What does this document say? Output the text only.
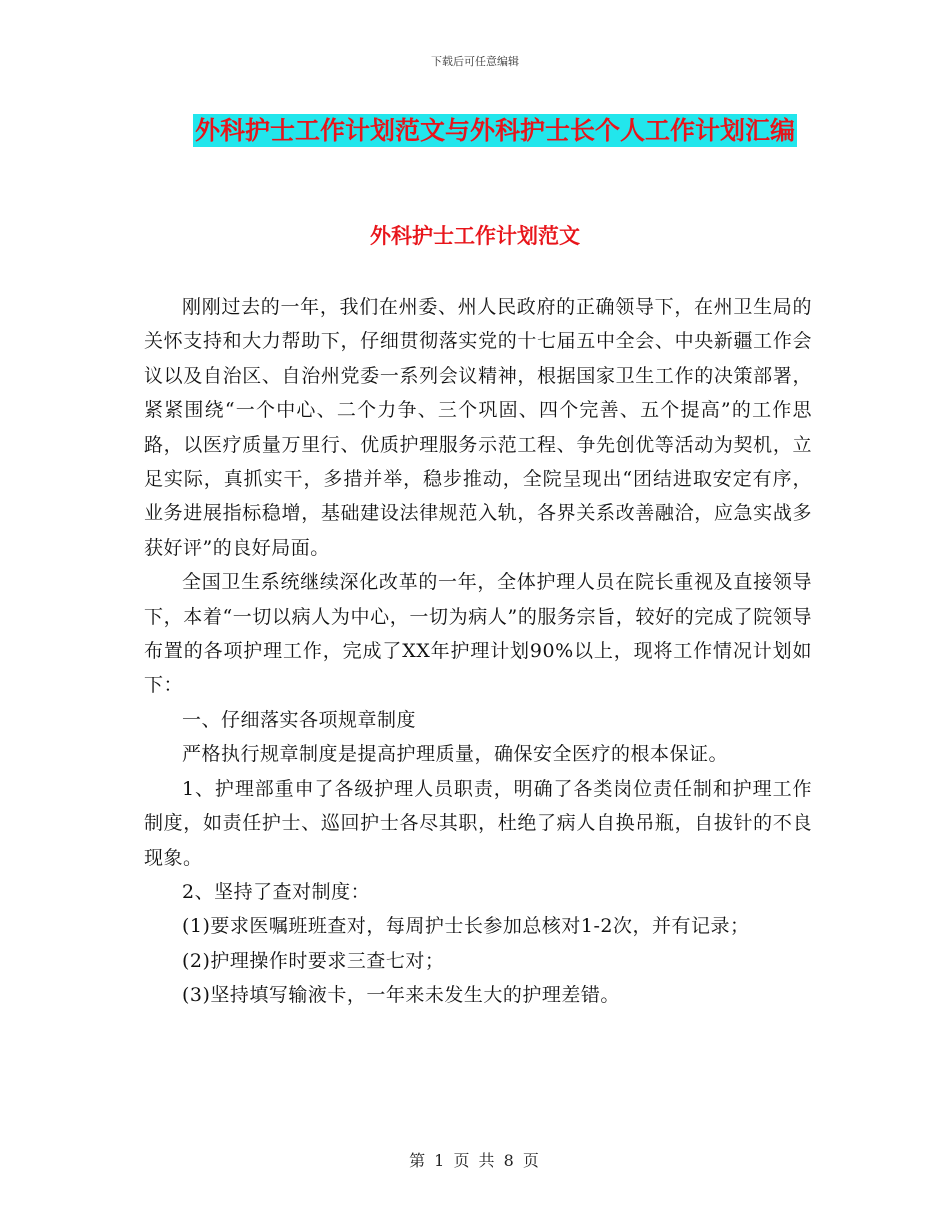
下载后可任意编辑
外科护士工作计划范文与外科护士长个人工作计划汇编
外科护士工作计划范文

刚刚过去的一年，我们在州委、州人民政府的正确领导下，在州卫生局的关怀支持和大力帮助下，仔细贯彻落实党的十七届五中全会、中央新疆工作会议以及自治区、自治州党委一系列会议精神，根据国家卫生工作的决策部署，紧紧围绕“一个中心、二个力争、三个巩固、四个完善、五个提高”的工作思路，以医疗质量万里行、优质护理服务示范工程、争先创优等活动为契机，立足实际，真抓实干，多措并举，稳步推动，全院呈现出“团结进取安定有序，业务进展指标稳增，基础建设法律规范入轨，各界关系改善融洽，应急实战多获好评”的良好局面。

全国卫生系统继续深化改革的一年，全体护理人员在院长重视及直接领导下，本着“一切以病人为中心，一切为病人”的服务宗旨，较好的完成了院领导布置的各项护理工作，完成了XX年护理计划90%以上，现将工作情况计划如下：

一、仔细落实各项规章制度

严格执行规章制度是提高护理质量，确保安全医疗的根本保证。

1、护理部重申了各级护理人员职责，明确了各类岗位责任制和护理工作制度，如责任护士、巡回护士各尽其职，杜绝了病人自换吊瓶，自拔针的不良现象。

2、坚持了查对制度：

(1)要求医嘱班班查对，每周护士长参加总核对1-2次，并有记录；

(2)护理操作时要求三查七对；

(3)坚持填写输液卡，一年来未发生大的护理差错。

第 1 页 共 8 页
